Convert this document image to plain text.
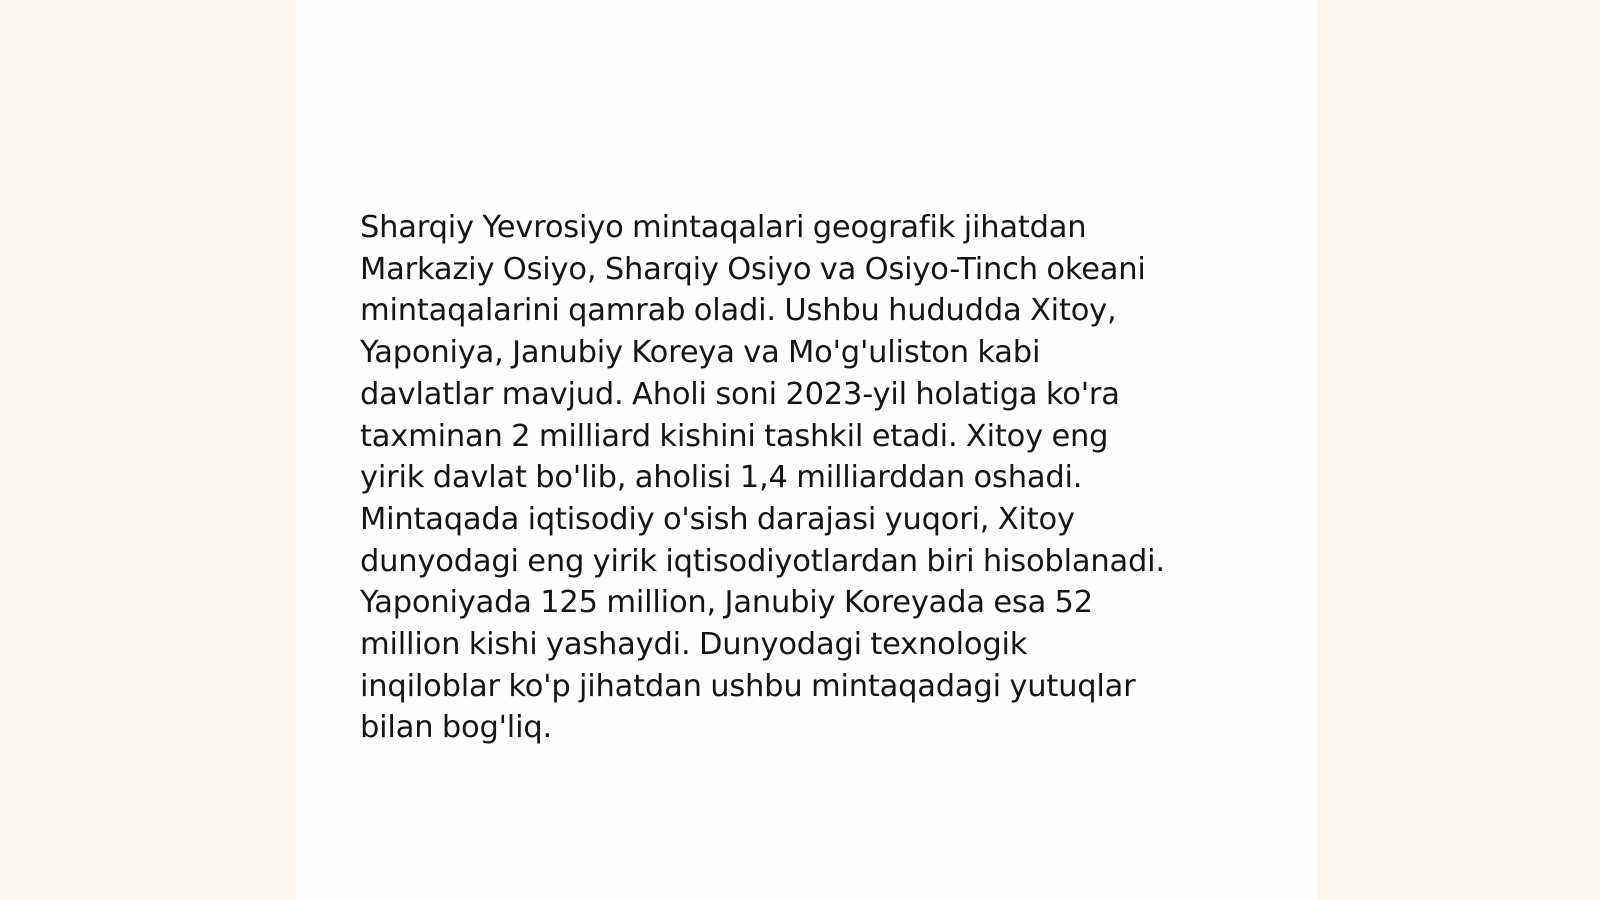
Sharqiy Yevrosiyo mintaqalari geografik jihatdan
Markaziy Osiyo, Sharqiy Osiyo va Osiyo-Tinch okeani
mintaqalarini qamrab oladi. Ushbu hududda Xitoy,
Yaponiya, Janubiy Koreya va Mo'g'uliston kabi
davlatlar mavjud. Aholi soni 2023-yil holatiga ko'ra
taxminan 2 milliard kishini tashkil etadi. Xitoy eng
yirik davlat bo'lib, aholisi 1,4 milliarddan oshadi.
Mintaqada iqtisodiy o'sish darajasi yuqori, Xitoy
dunyodagi eng yirik iqtisodiyotlardan biri hisoblanadi.
Yaponiyada 125 million, Janubiy Koreyada esa 52
million kishi yashaydi. Dunyodagi texnologik
inqiloblar ko'p jihatdan ushbu mintaqadagi yutuqlar
bilan bog'liq.
